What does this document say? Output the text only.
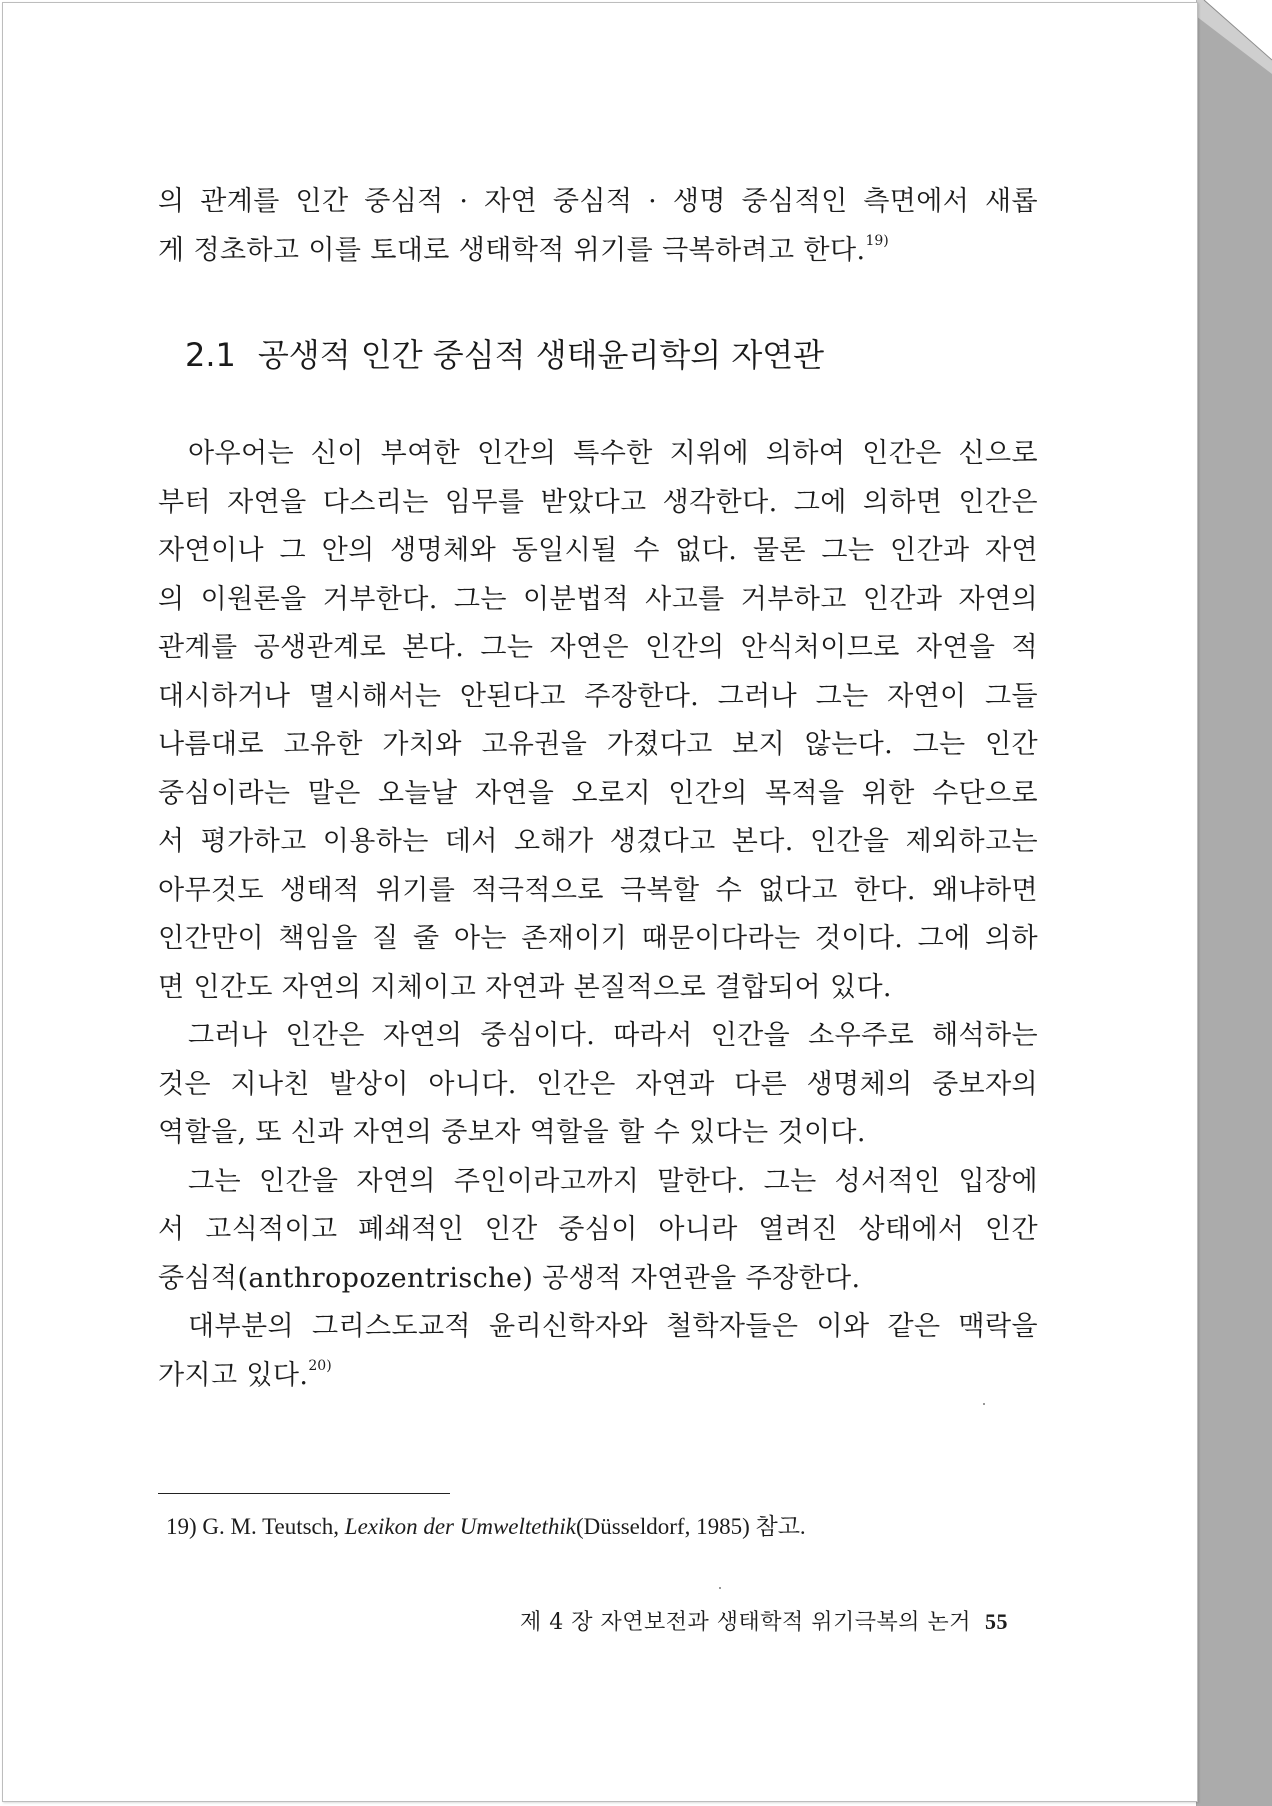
의 관계를 인간 중심적 · 자연 중심적 · 생명 중심적인 측면에서 새롭
게 정초하고 이를 토대로 생태학적 위기를 극복하려고 한다.$^{19)}$
2.1 공생적 인간 중심적 생태윤리학의 자연관
아우어는 신이 부여한 인간의 특수한 지위에 의하여 인간은 신으로
부터 자연을 다스리는 임무를 받았다고 생각한다. 그에 의하면 인간은
자연이나 그 안의 생명체와 동일시될 수 없다. 물론 그는 인간과 자연
의 이원론을 거부한다. 그는 이분법적 사고를 거부하고 인간과 자연의
관계를 공생관계로 본다. 그는 자연은 인간의 안식처이므로 자연을 적
대시하거나 멸시해서는 안된다고 주장한다. 그러나 그는 자연이 그들
나름대로 고유한 가치와 고유권을 가졌다고 보지 않는다. 그는 인간
중심이라는 말은 오늘날 자연을 오로지 인간의 목적을 위한 수단으로
서 평가하고 이용하는 데서 오해가 생겼다고 본다. 인간을 제외하고는
아무것도 생태적 위기를 적극적으로 극복할 수 없다고 한다. 왜냐하면
인간만이 책임을 질 줄 아는 존재이기 때문이다라는 것이다. 그에 의하
면 인간도 자연의 지체이고 자연과 본질적으로 결합되어 있다.
그러나 인간은 자연의 중심이다. 따라서 인간을 소우주로 해석하는
것은 지나친 발상이 아니다. 인간은 자연과 다른 생명체의 중보자의
역할을, 또 신과 자연의 중보자 역할을 할 수 있다는 것이다.
그는 인간을 자연의 주인이라고까지 말한다. 그는 성서적인 입장에
서 고식적이고 폐쇄적인 인간 중심이 아니라 열려진 상태에서 인간
중심적(anthropozentrische) 공생적 자연관을 주장한다.
대부분의 그리스도교적 윤리신학자와 철학자들은 이와 같은 맥락을
가지고 있다.$^{20)}$
19) G. M. Teutsch, Lexikon der Umweltethik(Düsseldorf, 1985) 참고.
제 4 장 자연보전과 생태학적 위기극복의 논거 55
